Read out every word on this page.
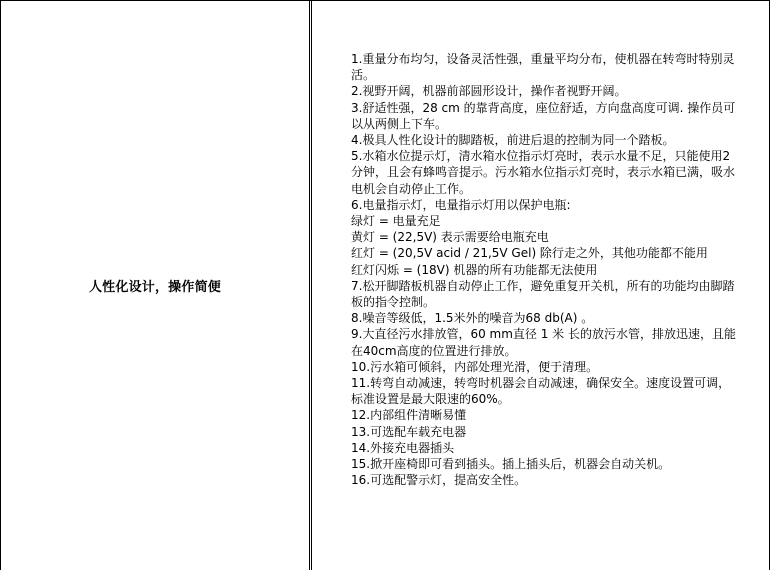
人性化设计，操作简便
1.重量分布均匀，设备灵活性强，重量平均分布，使机器在转弯时特别灵活。
2.视野开阔，机器前部圆形设计，操作者视野开阔。
3.舒适性强，28 cm 的靠背高度，座位舒适，方向盘高度可调. 操作员可以从两侧上下车。
4.极具人性化设计的脚踏板，前进后退的控制为同一个踏板。
5.水箱水位提示灯，清水箱水位指示灯亮时，表示水量不足，只能使用2分钟，且会有蜂鸣音提示。污水箱水位指示灯亮时，表示水箱已满，吸水电机会自动停止工作。
6.电量指示灯，电量指示灯用以保护电瓶:
绿灯 = 电量充足
黄灯 = (22,5V) 表示需要给电瓶充电
红灯 = (20,5V acid / 21,5V Gel) 除行走之外，其他功能都不能用
红灯闪烁 = (18V) 机器的所有功能都无法使用
7.松开脚踏板机器自动停止工作，避免重复开关机，所有的功能均由脚踏板的指令控制。
8.噪音等级低，1.5米外的噪音为68 db(A) 。
9.大直径污水排放管，60 mm直径 1 米 长的放污水管，排放迅速，且能在40cm高度的位置进行排放。
10.污水箱可倾斜，内部处理光滑，便于清理。
11.转弯自动减速，转弯时机器会自动减速，确保安全。速度设置可调，标准设置是最大限速的60%。
12.内部组件清晰易懂
13.可选配车载充电器
14.外接充电器插头
15.掀开座椅即可看到插头。插上插头后，机器会自动关机。
16.可选配警示灯，提高安全性。
